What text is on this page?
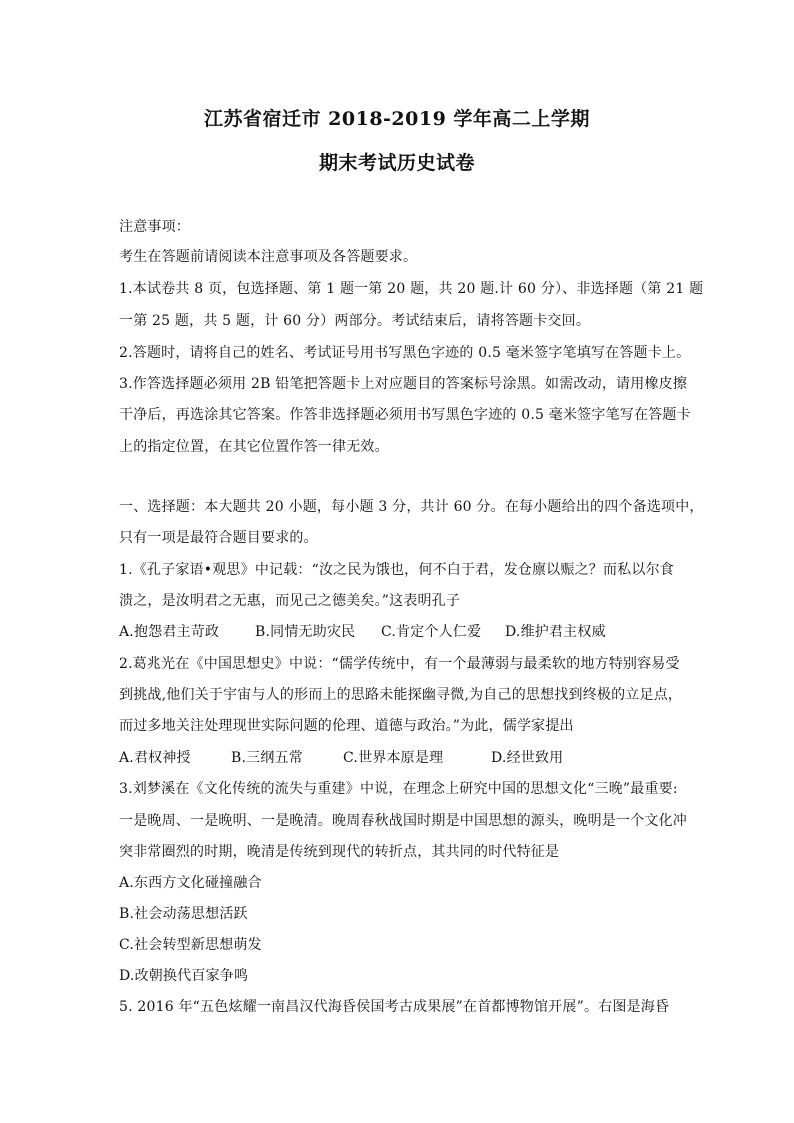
江苏省宿迁市 2018-2019 学年高二上学期
期末考试历史试卷
注意事项：
考生在答题前请阅读本注意事项及各答题要求。
1.本试卷共 8 页，包选择题、第 1 题一第 20 题，共 20 题.计 60 分）、非选择题（第 21 题
一第 25 题，共 5 题，计 60 分）两部分。考试结束后，请将答题卡交回。
2.答题时，请将自己的姓名、考试证号用书写黑色字迹的 0.5 毫米签字笔填写在答题卡上。
3.作答选择题必须用 2B 铅笔把答题卡上对应题目的答案标号涂黑。如需改动，请用橡皮擦
干净后，再选涂其它答案。作答非选择题必须用书写黑色字迹的 0.5 毫米签字笔写在答题卡
上的指定位置，在其它位置作答一律无效。
一、选择题：本大题共 20 小题，每小题 3 分，共计 60 分。在每小题给出的四个备选项中，
只有一项是最符合题目要求的。
1.《孔子家语•观思》中记载：“汝之民为饿也，何不白于君，发仓廪以赈之？而私以尔食
溃之，是汝明君之无惠，而见己之德美矣。”这表明孔子
A.抱怨君主苛政	B.同情无助灾民 C.肯定个人仁爱 D.维护君主权威
2.葛兆光在《中国思想史》中说：“儒学传统中，有一个最薄弱与最柔软的地方特别容易受
到挑战,他们关于宇宙与人的形而上的思路未能探幽寻微,为自己的思想找到终极的立足点，
而过多地关注处理现世实际问题的伦理、道德与政治。”为此，儒学家提出
A.君权神授	B.三纲五常	C.世界本原是理	D.经世致用
3.刘梦溪在《文化传统的流失与重建》中说，在理念上研究中国的思想文化“三晚”最重要:
一是晚周、一是晚明、一是晚清。晚周春秋战国时期是中国思想的源头，晚明是一个文化冲
突非常圈烈的时期，晚清是传统到现代的转折点，其共同的时代特征是
A.东西方文化碰撞融合
B.社会动荡思想活跃
C.社会转型新思想萌发
D.改朝换代百家争鸣
5. 2016 年“五色炫耀一南昌汉代海昏侯国考古成果展”在首都博物馆开展”。右图是海昏
